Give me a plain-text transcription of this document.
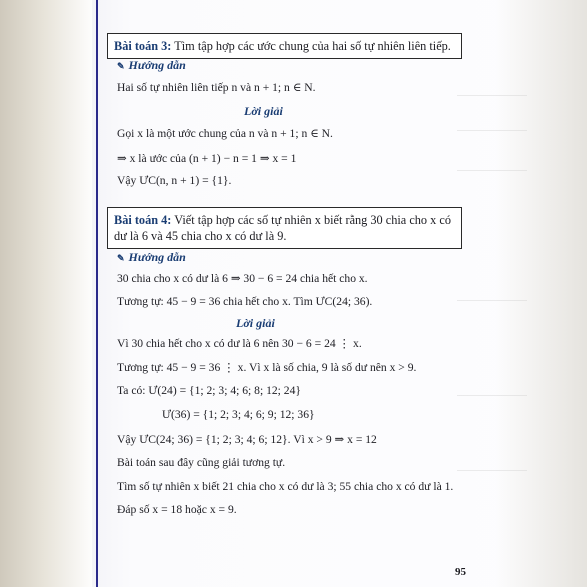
Bài toán 3: Tìm tập hợp các ước chung của hai số tự nhiên liên tiếp.
✎ Hướng dẫn
Hai số tự nhiên liên tiếp n và n + 1; n ∈ N.
Lời giải
Gọi x là một ước chung của n và n + 1; n ∈ N.
⇒ x là ước của (n + 1) − n = 1 ⇒ x = 1
Vậy ƯC(n, n + 1) = {1}.
Bài toán 4: Viết tập hợp các số tự nhiên x biết rằng 30 chia cho x có
dư là 6 và 45 chia cho x có dư là 9.
✎ Hướng dẫn
30 chia cho x có dư là 6 ⇒ 30 − 6 = 24 chia hết cho x.
Tương tự: 45 − 9 = 36 chia hết cho x. Tìm ƯC(24; 36).
Lời giải
Vì 30 chia hết cho x có dư là 6 nên 30 − 6 = 24 ⋮ x.
Tương tự: 45 − 9 = 36 ⋮ x. Vì x là số chia, 9 là số dư nên x > 9.
Ta có: Ư(24) = {1; 2; 3; 4; 6; 8; 12; 24}
Ư(36) = {1; 2; 3; 4; 6; 9; 12; 36}
Vậy ƯC(24; 36) = {1; 2; 3; 4; 6; 12}. Vì x > 9 ⇒ x = 12
Bài toán sau đây cũng giải tương tự.
Tìm số tự nhiên x biết 21 chia cho x có dư là 3; 55 chia cho x có dư là 1.
Đáp số x = 18 hoặc x = 9.
95
